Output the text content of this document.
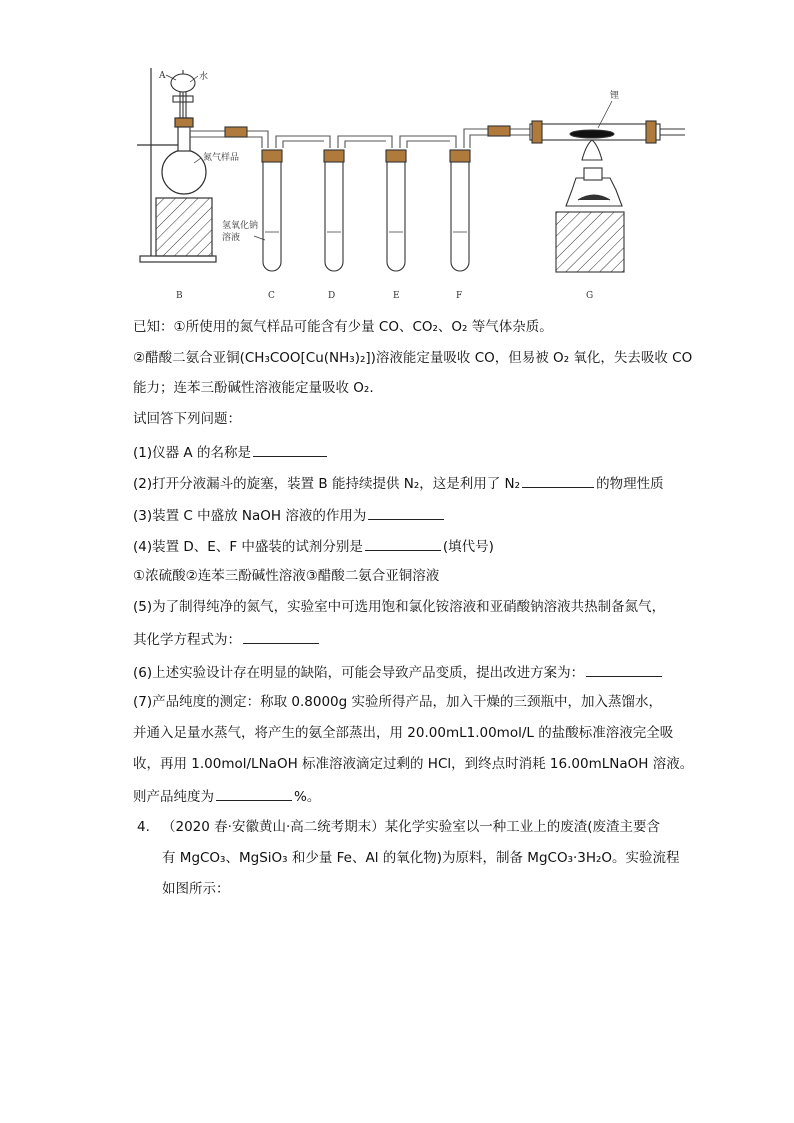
A	水
氮气样品
氢氧化钠
溶液
锂
B	C	D	E	F	G
已知：①所使用的氮气样品可能含有少量 CO、CO₂、O₂ 等气体杂质。
②醋酸二氨合亚铜(CH₃COO[Cu(NH₃)₂])溶液能定量吸收 CO，但易被 O₂ 氧化，失去吸收 CO
能力；连苯三酚碱性溶液能定量吸收 O₂.
试回答下列问题：
(1)仪器 A 的名称是
(2)打开分液漏斗的旋塞，装置 B 能持续提供 N₂，这是利用了 N₂	的物理性质
(3)装置 C 中盛放 NaOH 溶液的作用为
(4)装置 D、E、F 中盛装的试剂分别是	(填代号)
①浓硫酸②连苯三酚碱性溶液③醋酸二氨合亚铜溶液
(5)为了制得纯净的氮气，实验室中可选用饱和氯化铵溶液和亚硝酸钠溶液共热制备氮气，
其化学方程式为：
(6)上述实验设计存在明显的缺陷，可能会导致产品变质，提出改进方案为：
(7)产品纯度的测定：称取 0.8000g 实验所得产品，加入干燥的三颈瓶中，加入蒸馏水，
并通入足量水蒸气，将产生的氨全部蒸出，用 20.00mL1.00mol/L 的盐酸标准溶液完全吸
收，再用 1.00mol/LNaOH 标准溶液滴定过剩的 HCl，到终点时消耗 16.00mLNaOH 溶液。
则产品纯度为	%。
4. （2020 春·安徽黄山·高二统考期末）某化学实验室以一种工业上的废渣(废渣主要含
有 MgCO₃、MgSiO₃ 和少量 Fe、Al 的氧化物)为原料，制备 MgCO₃·3H₂O。实验流程
如图所示：
